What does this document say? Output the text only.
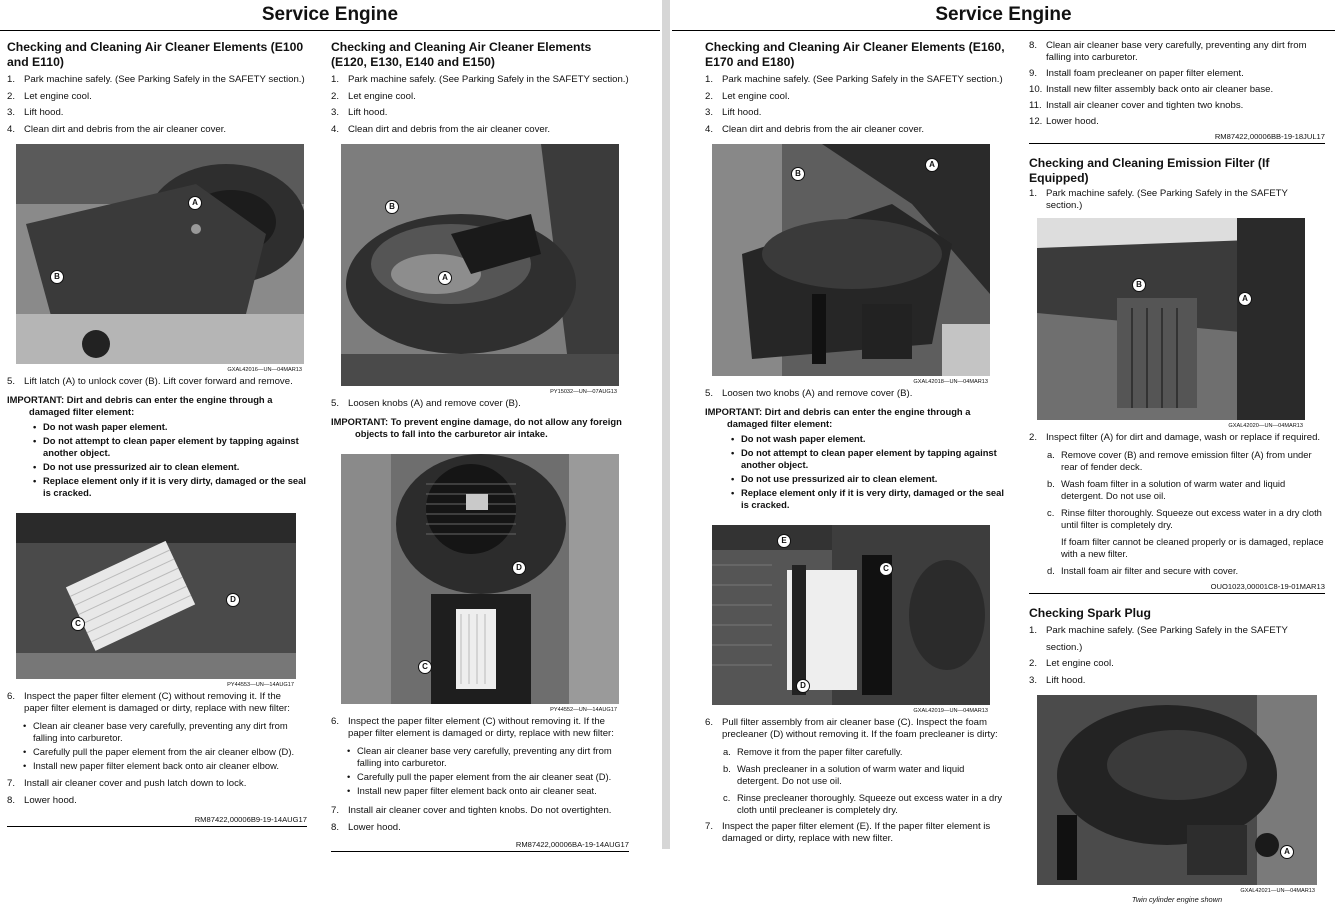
Service Engine
Checking and Cleaning Air Cleaner Elements (E100 and E110)

1. Park machine safely. (See Parking Safely in the SAFETY section.)

2. Let engine cool.

3. Lift hood.

4. Clean dirt and debris from the air cleaner cover.

A
B
GXAL42016—UN—04MAR13

5. Lift latch (A) to unlock cover (B). Lift cover forward and remove.

IMPORTANT: Dirt and debris can enter the engine through a damaged filter element:

• Do not wash paper element.
• Do not attempt to clean paper element by tapping against another object.
• Do not use pressurized air to clean element.
• Replace element only if it is very dirty, damaged or the seal is cracked.
D
C
PY44553—UN—14AUG17

6. Inspect the paper filter element (C) without removing it. If the paper filter element is damaged or dirty, replace with new filter:

• Clean air cleaner base very carefully, preventing any dirt from falling into carburetor.
• Carefully pull the paper element from the air cleaner elbow (D).
• Install new paper filter element back onto air cleaner elbow.

7. Install air cleaner cover and push latch down to lock.

8. Lower hood.

RM87422,00006B9-19-14AUG17
Checking and Cleaning Air Cleaner Elements (E120, E130, E140 and E150)

1. Park machine safely. (See Parking Safely in the SAFETY section.)

2. Let engine cool.

3. Lift hood.

4. Clean dirt and debris from the air cleaner cover.

B
A
PY15032—UN—07AUG13

5. Loosen knobs (A) and remove cover (B).

IMPORTANT: To prevent engine damage, do not allow any foreign objects to fall into the carburetor air intake.

D
C
PY44552—UN—14AUG17

6. Inspect the paper filter element (C) without removing it. If the paper filter element is damaged or dirty, replace with new filter:

• Clean air cleaner base very carefully, preventing any dirt from falling into carburetor.
• Carefully pull the paper element from the air cleaner seat (D).
• Install new paper filter element back onto air cleaner seat.

7. Install air cleaner cover and tighten knobs. Do not overtighten.

8. Lower hood.

RM87422,00006BA-19-14AUG17
Service Engine
Checking and Cleaning Air Cleaner Elements (E160, E170 and E180)

1. Park machine safely. (See Parking Safely in the SAFETY section.)

2. Let engine cool.

3. Lift hood.

4. Clean dirt and debris from the air cleaner cover.

B
A
GXAL42018—UN—04MAR13

5. Loosen two knobs (A) and remove cover (B).

IMPORTANT: Dirt and debris can enter the engine through a damaged filter element:

• Do not wash paper element.
• Do not attempt to clean paper element by tapping against another object.
• Do not use pressurized air to clean element.
• Replace element only if it is very dirty, damaged or the seal is cracked.
E
C
D
GXAL42019—UN—04MAR13

6. Pull filter assembly from air cleaner base (C). Inspect the foam precleaner (D) without removing it. If the foam precleaner is dirty:

a. Remove it from the paper filter carefully.
b. Wash precleaner in a solution of warm water and liquid detergent. Do not use oil.
c. Rinse precleaner thoroughly. Squeeze out excess water in a dry cloth until precleaner is completely dry.

7. Inspect the paper filter element (E). If the paper filter element is damaged or dirty, replace with new filter.

8. Clean air cleaner base very carefully, preventing any dirt from falling into carburetor.

9. Install foam precleaner on paper filter element.

10. Install new filter assembly back onto air cleaner base.

11. Install air cleaner cover and tighten two knobs.

12. Lower hood.

RM87422,00006BB-19-18JUL17
Checking and Cleaning Emission Filter (If Equipped)

1. Park machine safely. (See Parking Safely in the SAFETY section.)

B
A
GXAL42020—UN—04MAR13

2. Inspect filter (A) for dirt and damage, wash or replace if required.

a. Remove cover (B) and remove emission filter (A) from under rear of fender deck.
b. Wash foam filter in a solution of warm water and liquid detergent. Do not use oil.
c. Rinse filter thoroughly. Squeeze out excess water in a dry cloth until filter is completely dry.

If foam filter cannot be cleaned properly or is damaged, replace with a new filter.

d. Install foam air filter and secure with cover.
OUO1023,00001C8-19-01MAR13
Checking Spark Plug

1. Park machine safely. (See Parking Safely in the SAFETY section.)

2. Let engine cool.

3. Lift hood.

A
GXAL42021—UN—04MAR13
Twin cylinder engine shown
